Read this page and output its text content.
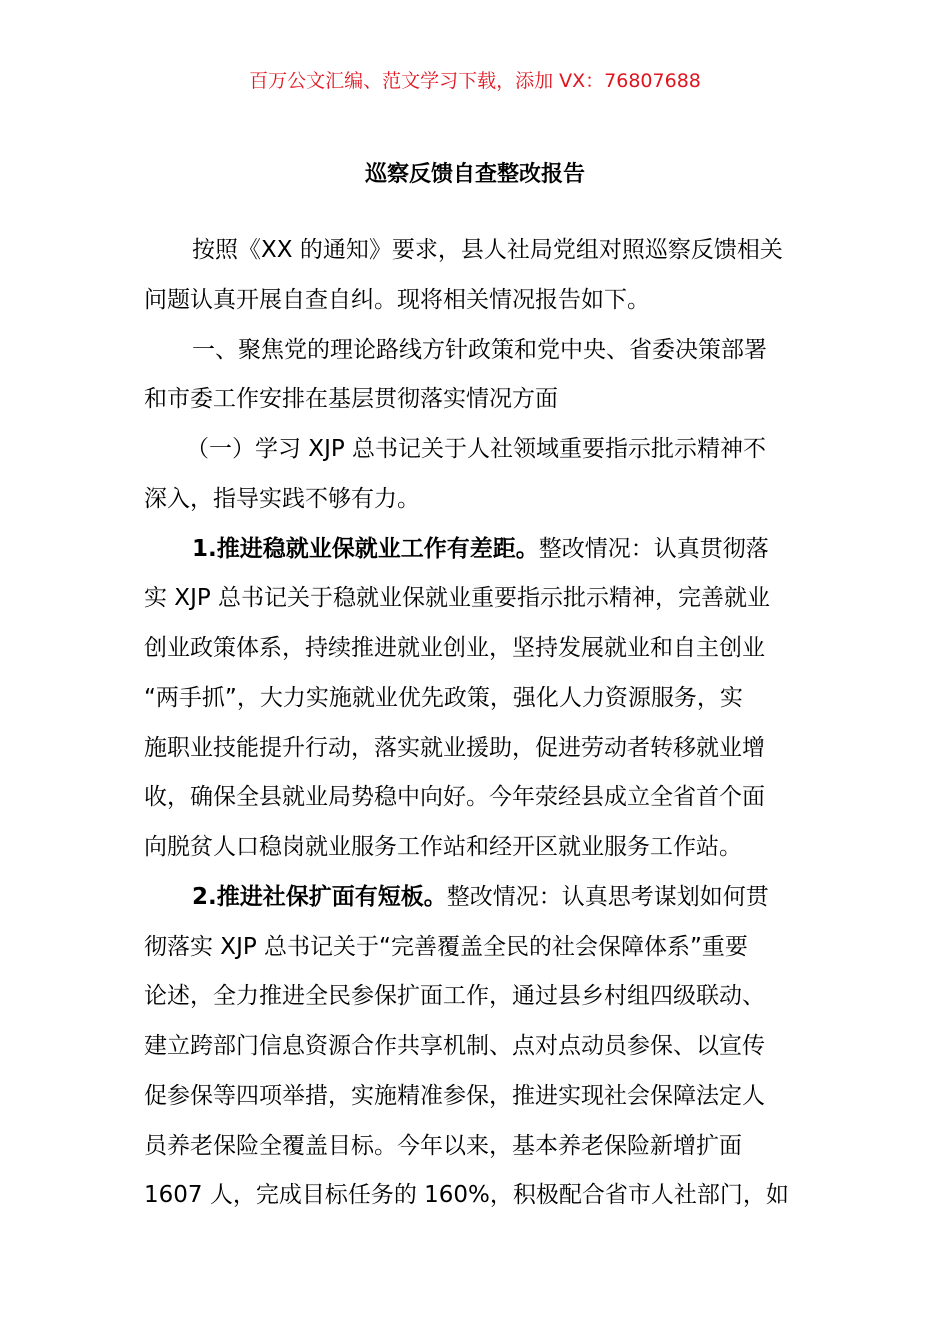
百万公文汇编、范文学习下载，添加 VX：76807688
巡察反馈自查整改报告
按照《XX 的通知》要求，县人社局党组对照巡察反馈相关
问题认真开展自查自纠。现将相关情况报告如下。
一、聚焦党的理论路线方针政策和党中央、省委决策部署
和市委工作安排在基层贯彻落实情况方面
（一）学习 XJP 总书记关于人社领域重要指示批示精神不
深入，指导实践不够有力。
1.推进稳就业保就业工作有差距。整改情况：认真贯彻落
实 XJP 总书记关于稳就业保就业重要指示批示精神，完善就业
创业政策体系，持续推进就业创业，坚持发展就业和自主创业
“两手抓”，大力实施就业优先政策，强化人力资源服务，实
施职业技能提升行动，落实就业援助，促进劳动者转移就业增
收，确保全县就业局势稳中向好。今年荥经县成立全省首个面
向脱贫人口稳岗就业服务工作站和经开区就业服务工作站。
2.推进社保扩面有短板。整改情况：认真思考谋划如何贯
彻落实 XJP 总书记关于“完善覆盖全民的社会保障体系”重要
论述，全力推进全民参保扩面工作，通过县乡村组四级联动、
建立跨部门信息资源合作共享机制、点对点动员参保、以宣传
促参保等四项举措，实施精准参保，推进实现社会保障法定人
员养老保险全覆盖目标。今年以来，基本养老保险新增扩面
1607 人，完成目标任务的 160%，积极配合省市人社部门，如
